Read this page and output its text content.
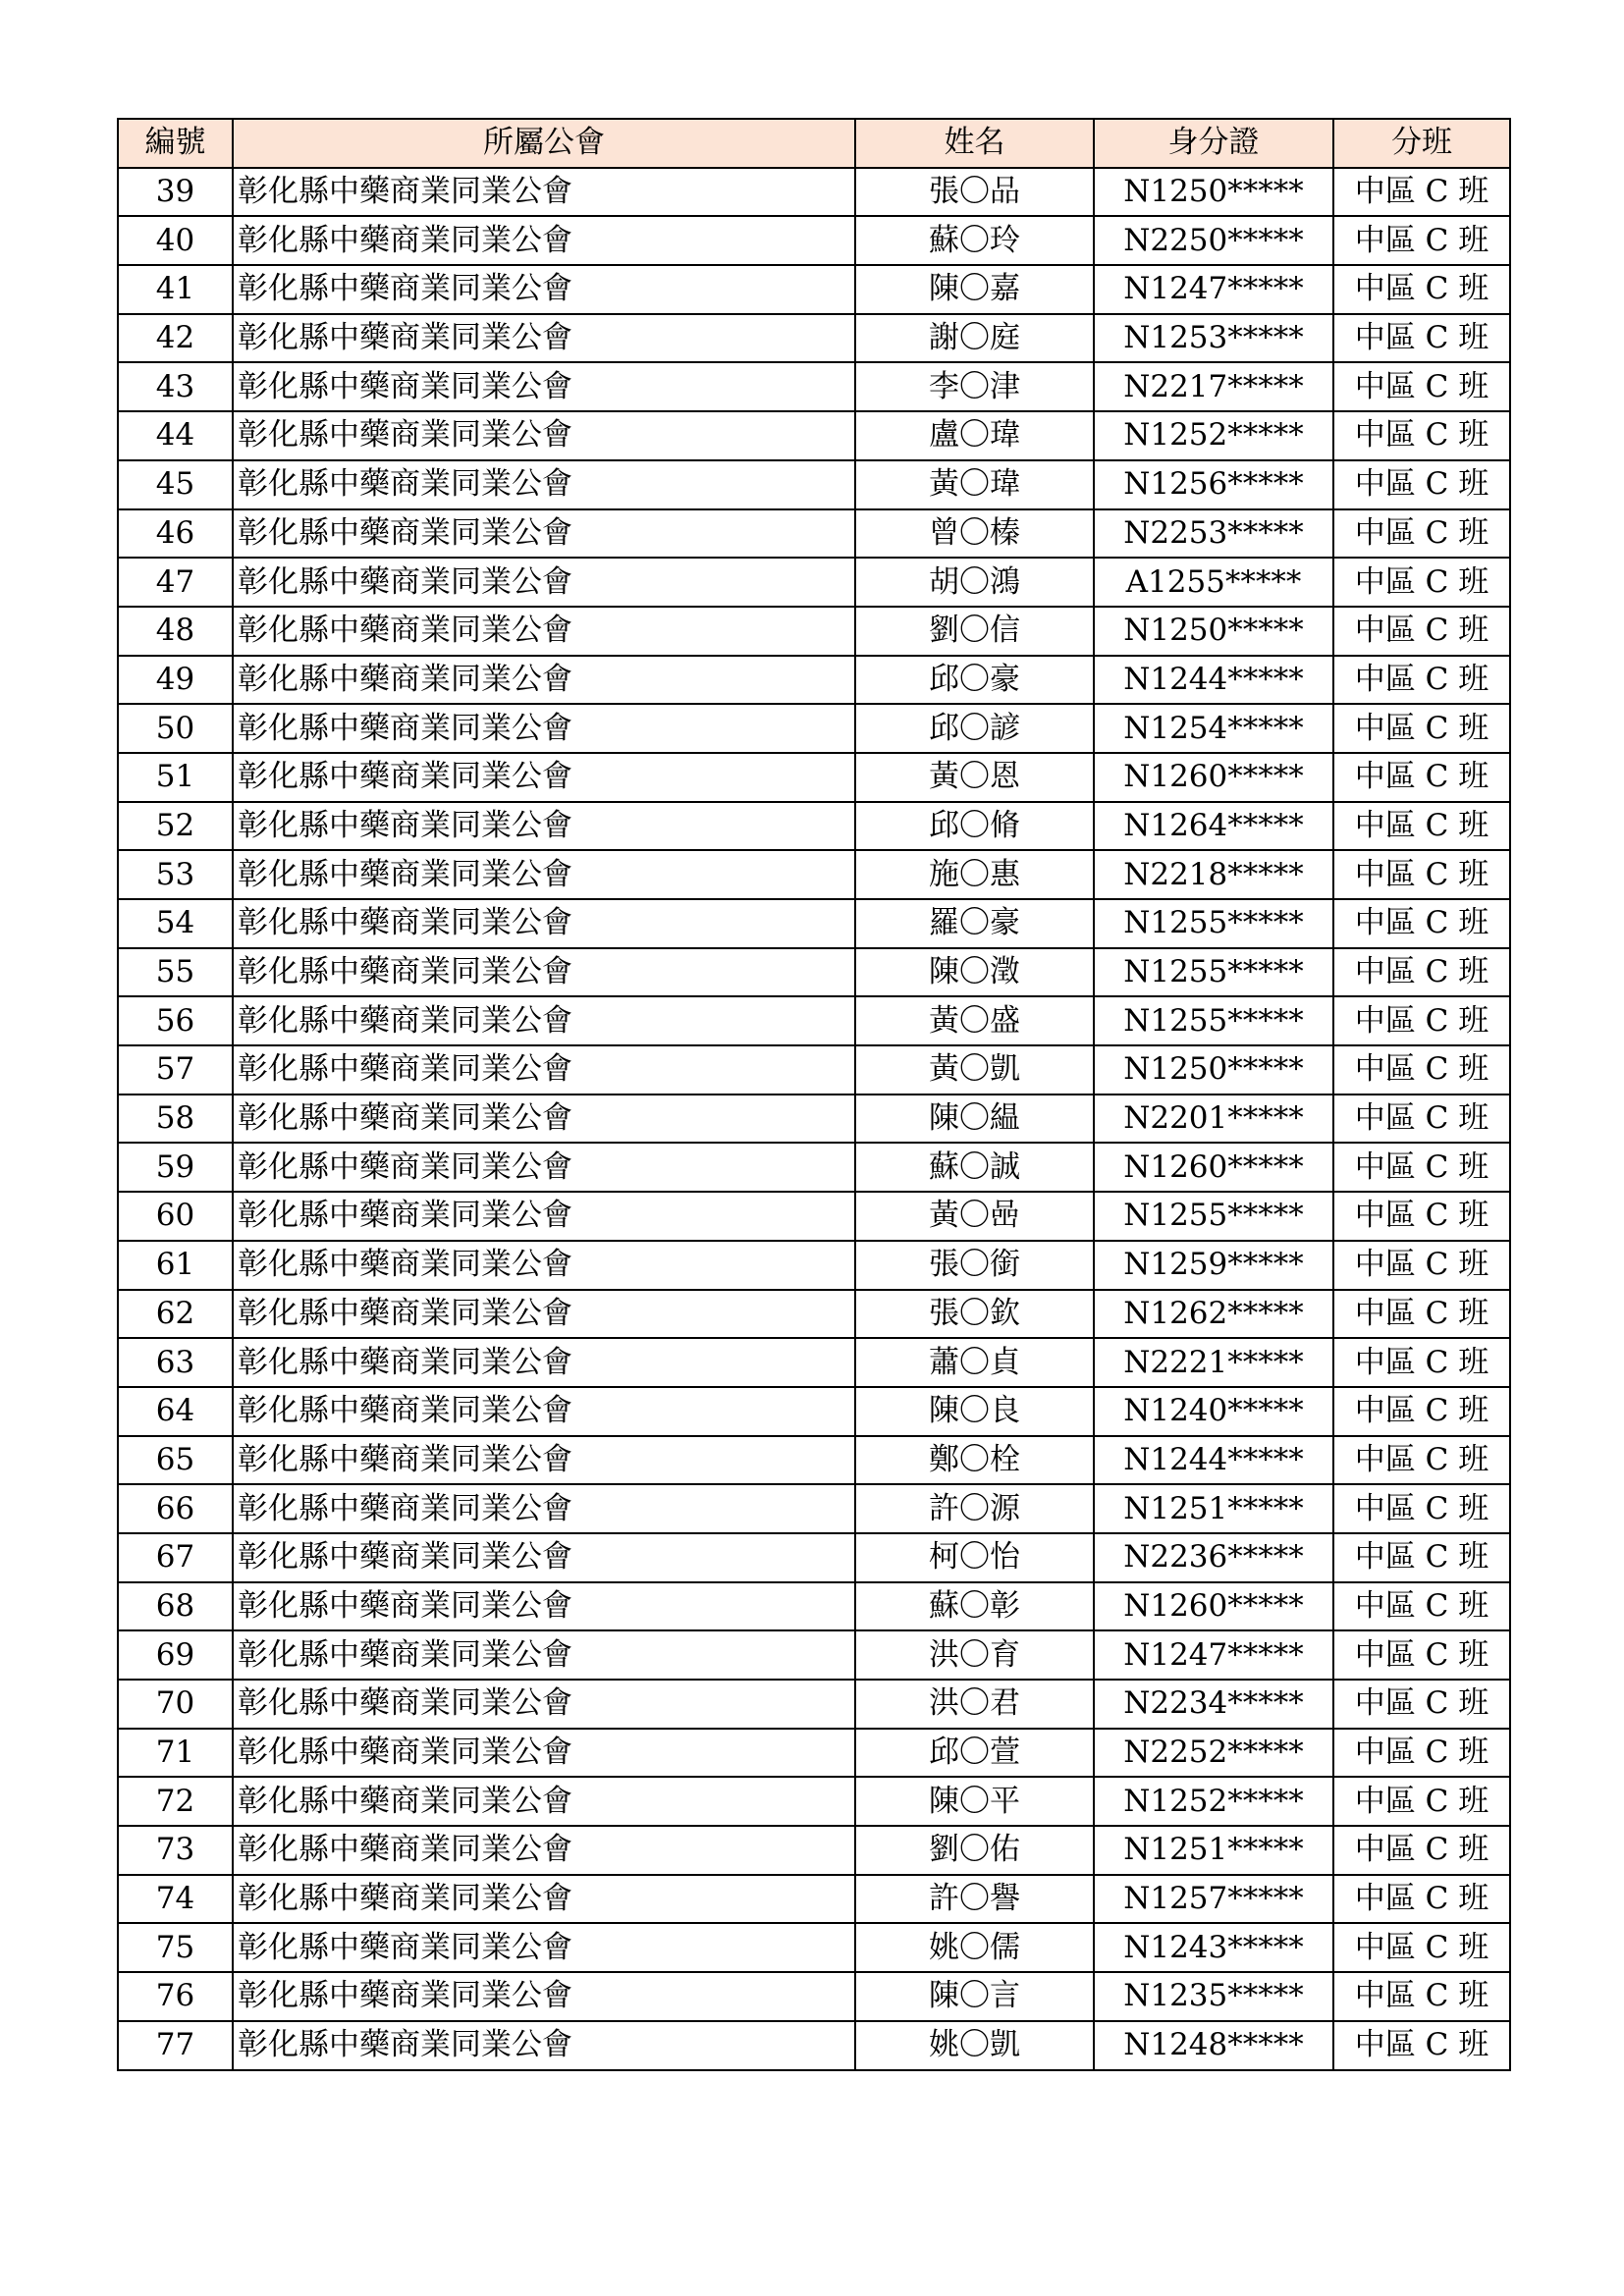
編號	所屬公會	姓名	身分證	分班
39	彰化縣中藥商業同業公會	張〇品	N1250*****	中區 C 班
40	彰化縣中藥商業同業公會	蘇〇玲	N2250*****	中區 C 班
41	彰化縣中藥商業同業公會	陳〇嘉	N1247*****	中區 C 班
42	彰化縣中藥商業同業公會	謝〇庭	N1253*****	中區 C 班
43	彰化縣中藥商業同業公會	李〇津	N2217*****	中區 C 班
44	彰化縣中藥商業同業公會	盧〇瑋	N1252*****	中區 C 班
45	彰化縣中藥商業同業公會	黃〇瑋	N1256*****	中區 C 班
46	彰化縣中藥商業同業公會	曾〇榛	N2253*****	中區 C 班
47	彰化縣中藥商業同業公會	胡〇鴻	A1255*****	中區 C 班
48	彰化縣中藥商業同業公會	劉〇信	N1250*****	中區 C 班
49	彰化縣中藥商業同業公會	邱〇豪	N1244*****	中區 C 班
50	彰化縣中藥商業同業公會	邱〇諺	N1254*****	中區 C 班
51	彰化縣中藥商業同業公會	黃〇恩	N1260*****	中區 C 班
52	彰化縣中藥商業同業公會	邱〇脩	N1264*****	中區 C 班
53	彰化縣中藥商業同業公會	施〇惠	N2218*****	中區 C 班
54	彰化縣中藥商業同業公會	羅〇豪	N1255*****	中區 C 班
55	彰化縣中藥商業同業公會	陳〇澂	N1255*****	中區 C 班
56	彰化縣中藥商業同業公會	黃〇盛	N1255*****	中區 C 班
57	彰化縣中藥商業同業公會	黃〇凱	N1250*****	中區 C 班
58	彰化縣中藥商業同業公會	陳〇緼	N2201*****	中區 C 班
59	彰化縣中藥商業同業公會	蘇〇誠	N1260*****	中區 C 班
60	彰化縣中藥商業同業公會	黃〇喦	N1255*****	中區 C 班
61	彰化縣中藥商業同業公會	張〇銜	N1259*****	中區 C 班
62	彰化縣中藥商業同業公會	張〇欽	N1262*****	中區 C 班
63	彰化縣中藥商業同業公會	蕭〇貞	N2221*****	中區 C 班
64	彰化縣中藥商業同業公會	陳〇良	N1240*****	中區 C 班
65	彰化縣中藥商業同業公會	鄭〇栓	N1244*****	中區 C 班
66	彰化縣中藥商業同業公會	許〇源	N1251*****	中區 C 班
67	彰化縣中藥商業同業公會	柯〇怡	N2236*****	中區 C 班
68	彰化縣中藥商業同業公會	蘇〇彰	N1260*****	中區 C 班
69	彰化縣中藥商業同業公會	洪〇育	N1247*****	中區 C 班
70	彰化縣中藥商業同業公會	洪〇君	N2234*****	中區 C 班
71	彰化縣中藥商業同業公會	邱〇萱	N2252*****	中區 C 班
72	彰化縣中藥商業同業公會	陳〇平	N1252*****	中區 C 班
73	彰化縣中藥商業同業公會	劉〇佑	N1251*****	中區 C 班
74	彰化縣中藥商業同業公會	許〇譽	N1257*****	中區 C 班
75	彰化縣中藥商業同業公會	姚〇儒	N1243*****	中區 C 班
76	彰化縣中藥商業同業公會	陳〇言	N1235*****	中區 C 班
77	彰化縣中藥商業同業公會	姚〇凱	N1248*****	中區 C 班
